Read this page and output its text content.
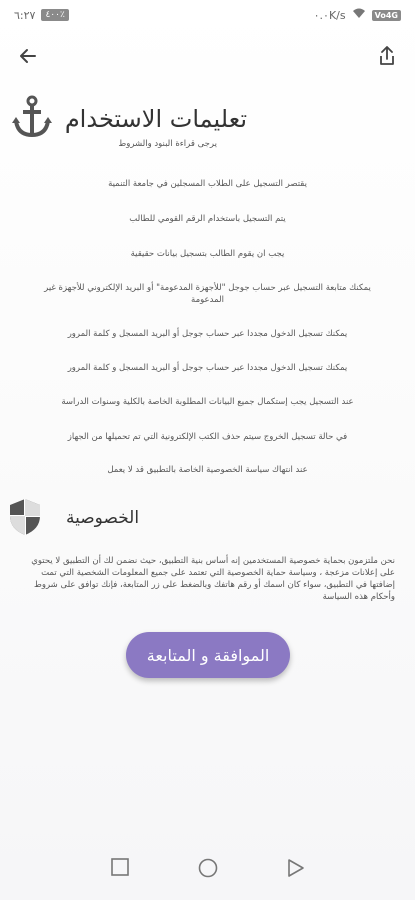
٦:٢٧	٤٠٠٪	٠.٠K/s	Vo4G
تعليمات الاستخدام
يرجى قراءة البنود والشروط
يقتصر التسجيل على الطلاب المسجلين في جامعة التنمية
يتم التسجيل باستخدام الرقم القومي للطالب
يجب ان يقوم الطالب بتسجيل بيانات حقيقية
يمكنك متابعة التسجيل عبر حساب جوجل "للأجهزة المدعومة" أو البريد الإلكتروني للأجهزة غير المدعومة
يمكنك تسجيل الدخول مجددا عبر حساب جوجل أو البريد المسجل و كلمة المرور
يمكنك تسجيل الدخول مجددا عبر حساب جوجل أو البريد المسجل و كلمة المرور
عند التسجيل يجب إستكمال جميع البيانات المطلوبة الخاصة بالكلية وسنوات الدراسة
في حالة تسجيل الخروج سيتم حذف الكتب الإلكترونية التي تم تحميلها من الجهاز
عند انتهاك سياسة الخصوصية الخاصة بالتطبيق قد لا يعمل
الخصوصية

نحن ملتزمون بحماية خصوصية المستخدمين إنه أساس بنية التطبيق، حيث نضمن لك أن التطبيق لا يحتوي على إعلانات مزعجة ، وسياسة حماية الخصوصية التي تعتمد على جميع المعلومات الشخصية التي تمت إضافتها في التطبيق، سواء كان اسمك أو رقم هاتفك وبالضغط على زر المتابعة، فإنك توافق على شروط وأحكام هذه السياسة

الموافقة و المتابعة
